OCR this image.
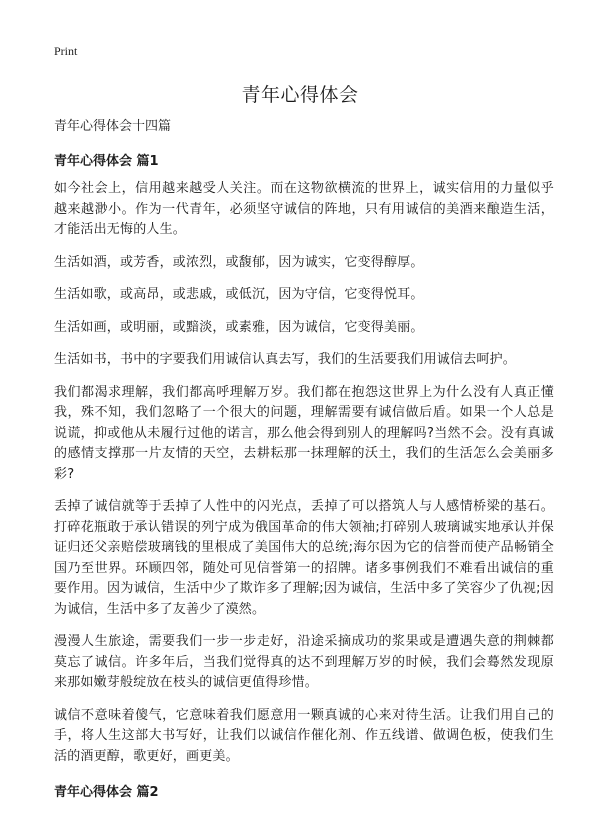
Print
青年心得体会
青年心得体会十四篇
青年心得体会 篇1

如今社会上，信用越来越受人关注。而在这物欲横流的世界上，诚实信用的力量似乎越来越渺小。作为一代青年，必须坚守诚信的阵地，只有用诚信的美酒来酿造生活，才能活出无悔的人生。

生活如酒，或芳香，或浓烈，或馥郁，因为诚实，它变得醇厚。

生活如歌，或高昂，或悲戚，或低沉，因为守信，它变得悦耳。

生活如画，或明丽，或黯淡，或素雅，因为诚信，它变得美丽。

生活如书，书中的字要我们用诚信认真去写，我们的生活要我们用诚信去呵护。

我们都渴求理解，我们都高呼理解万岁。我们都在抱怨这世界上为什么没有人真正懂我，殊不知，我们忽略了一个很大的问题，理解需要有诚信做后盾。如果一个人总是说谎，抑或他从未履行过他的诺言，那么他会得到别人的理解吗?当然不会。没有真诚的感情支撑那一片友情的天空，去耕耘那一抹理解的沃土，我们的生活怎么会美丽多彩?

丢掉了诚信就等于丢掉了人性中的闪光点，丢掉了可以搭筑人与人感情桥梁的基石。打碎花瓶敢于承认错误的列宁成为俄国革命的伟大领袖;打碎别人玻璃诚实地承认并保证归还父亲赔偿玻璃钱的里根成了美国伟大的总统;海尔因为它的信誉而使产品畅销全国乃至世界。环顾四邻，随处可见信誉第一的招牌。诸多事例我们不难看出诚信的重要作用。因为诚信，生活中少了欺诈多了理解;因为诚信，生活中多了笑容少了仇视;因为诚信，生活中多了友善少了漠然。

漫漫人生旅途，需要我们一步一步走好，沿途采摘成功的浆果或是遭遇失意的荆棘都莫忘了诚信。许多年后，当我们觉得真的达不到理解万岁的时候，我们会蓦然发现原来那如嫩芽般绽放在枝头的诚信更值得珍惜。

诚信不意味着傻气，它意味着我们愿意用一颗真诚的心来对待生活。让我们用自己的手，将人生这部大书写好，让我们以诚信作催化剂、作五线谱、做调色板，使我们生活的酒更醇，歌更好，画更美。

青年心得体会 篇2
